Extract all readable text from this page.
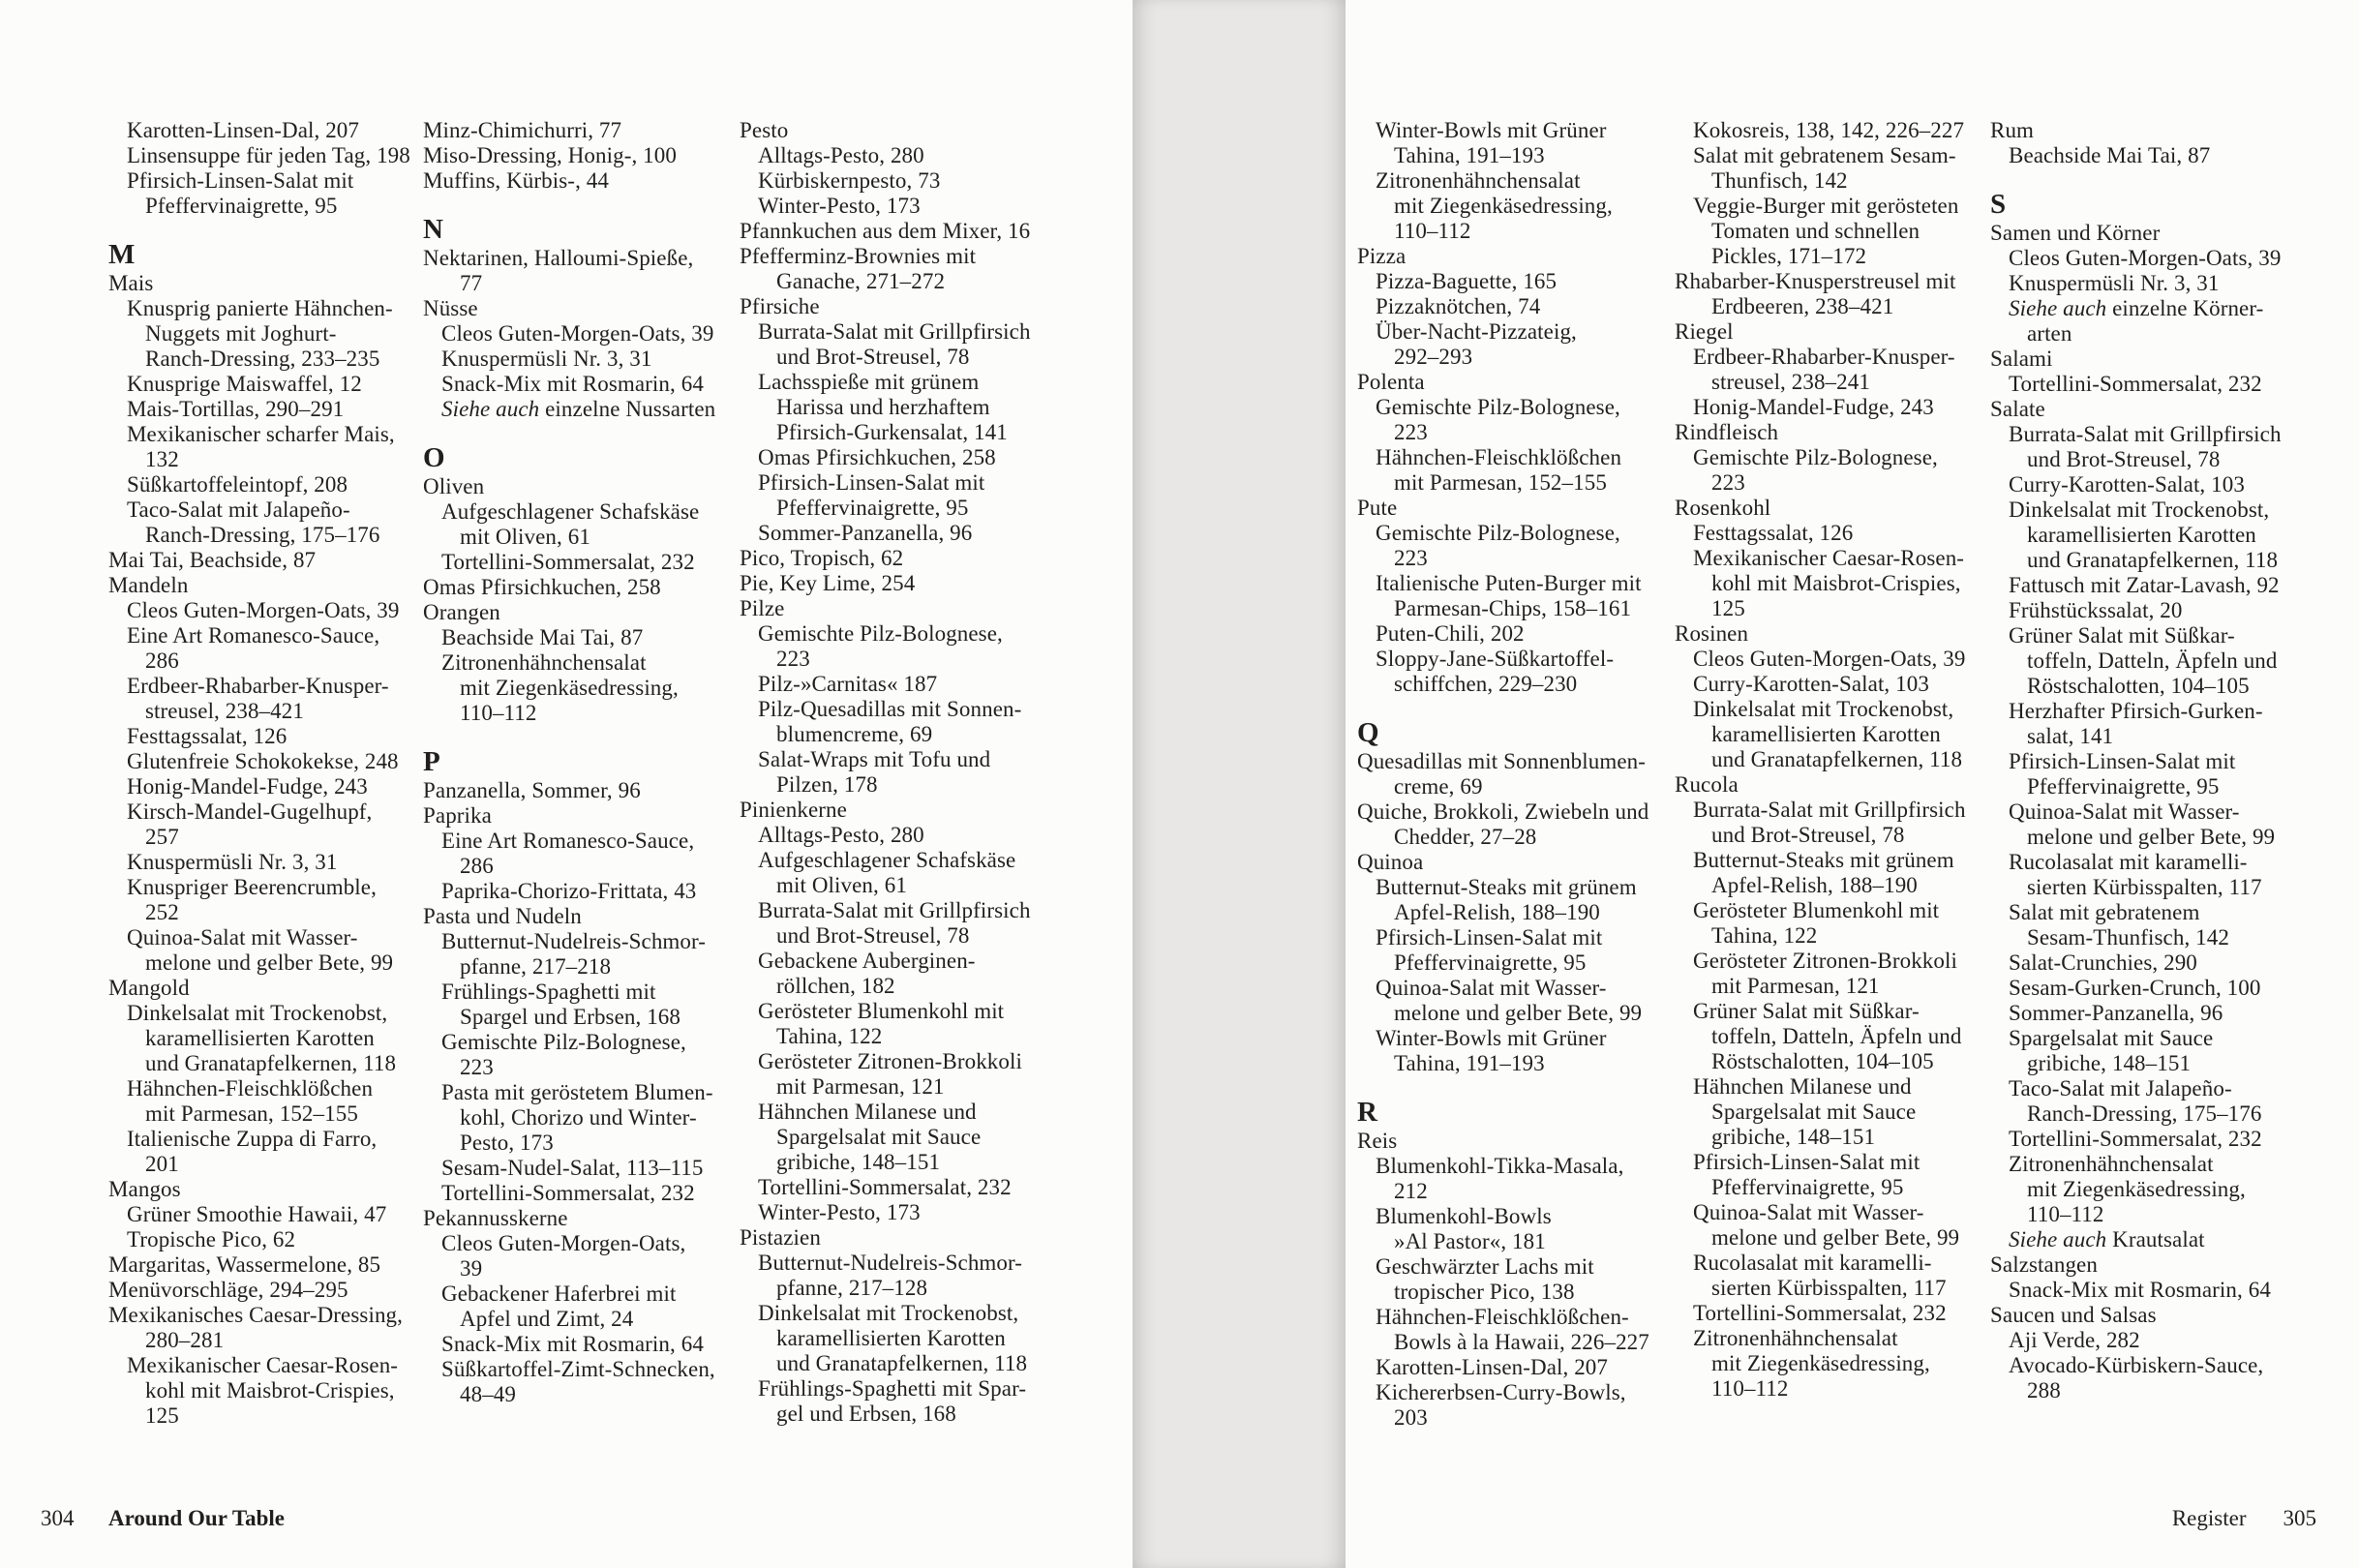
Karotten-Linsen-Dal, 207
Linsensuppe für jeden Tag, 198
Pfirsich-Linsen-Salat mit
Pfeffervinaigrette, 95
M
Mais
Knusprig panierte Hähnchen-
Nuggets mit Joghurt-
Ranch-Dressing, 233–235
Knusprige Maiswaffel, 12
Mais-Tortillas, 290–291
Mexikanischer scharfer Mais,
132
Süßkartoffeleintopf, 208
Taco-Salat mit Jalapeño-
Ranch-Dressing, 175–176
Mai Tai, Beachside, 87
Mandeln
Cleos Guten-Morgen-Oats, 39
Eine Art Romanesco-Sauce,
286
Erdbeer-Rhabarber-Knusper-
streusel, 238–421
Festtagssalat, 126
Glutenfreie Schokokekse, 248
Honig-Mandel-Fudge, 243
Kirsch-Mandel-Gugelhupf,
257
Knuspermüsli Nr. 3, 31
Knuspriger Beerencrumble,
252
Quinoa-Salat mit Wasser-
melone und gelber Bete, 99
Mangold
Dinkelsalat mit Trockenobst,
karamellisierten Karotten
und Granatapfelkernen, 118
Hähnchen-Fleischklößchen
mit Parmesan, 152–155
Italienische Zuppa di Farro,
201
Mangos
Grüner Smoothie Hawaii, 47
Tropische Pico, 62
Margaritas, Wassermelone, 85
Menüvorschläge, 294–295
Mexikanisches Caesar-Dressing,
280–281
Mexikanischer Caesar-Rosen-
kohl mit Maisbrot-Crispies,
125
Minz-Chimichurri, 77
Miso-Dressing, Honig-, 100
Muffins, Kürbis-, 44
N
Nektarinen, Halloumi-Spieße,
77
Nüsse
Cleos Guten-Morgen-Oats, 39
Knuspermüsli Nr. 3, 31
Snack-Mix mit Rosmarin, 64
Siehe auch einzelne Nussarten
O
Oliven
Aufgeschlagener Schafskäse
mit Oliven, 61
Tortellini-Sommersalat, 232
Omas Pfirsichkuchen, 258
Orangen
Beachside Mai Tai, 87
Zitronenhähnchensalat
mit Ziegenkäsedressing,
110–112
P
Panzanella, Sommer, 96
Paprika
Eine Art Romanesco-Sauce,
286
Paprika-Chorizo-Frittata, 43
Pasta und Nudeln
Butternut-Nudelreis-Schmor-
pfanne, 217–218
Frühlings-Spaghetti mit
Spargel und Erbsen, 168
Gemischte Pilz-Bolognese,
223
Pasta mit geröstetem Blumen-
kohl, Chorizo und Winter-
Pesto, 173
Sesam-Nudel-Salat, 113–115
Tortellini-Sommersalat, 232
Pekannusskerne
Cleos Guten-Morgen-Oats,
39
Gebackener Haferbrei mit
Apfel und Zimt, 24
Snack-Mix mit Rosmarin, 64
Süßkartoffel-Zimt-Schnecken,
48–49
Pesto
Alltags-Pesto, 280
Kürbiskernpesto, 73
Winter-Pesto, 173
Pfannkuchen aus dem Mixer, 16
Pfefferminz-Brownies mit
Ganache, 271–272
Pfirsiche
Burrata-Salat mit Grillpfirsich
und Brot-Streusel, 78
Lachsspieße mit grünem
Harissa und herzhaftem
Pfirsich-Gurkensalat, 141
Omas Pfirsichkuchen, 258
Pfirsich-Linsen-Salat mit
Pfeffervinaigrette, 95
Sommer-Panzanella, 96
Pico, Tropisch, 62
Pie, Key Lime, 254
Pilze
Gemischte Pilz-Bolognese,
223
Pilz-»Carnitas« 187
Pilz-Quesadillas mit Sonnen-
blumencreme, 69
Salat-Wraps mit Tofu und
Pilzen, 178
Pinienkerne
Alltags-Pesto, 280
Aufgeschlagener Schafskäse
mit Oliven, 61
Burrata-Salat mit Grillpfirsich
und Brot-Streusel, 78
Gebackene Auberginen-
röllchen, 182
Gerösteter Blumenkohl mit
Tahina, 122
Gerösteter Zitronen-Brokkoli
mit Parmesan, 121
Hähnchen Milanese und
Spargelsalat mit Sauce
gribiche, 148–151
Tortellini-Sommersalat, 232
Winter-Pesto, 173
Pistazien
Butternut-Nudelreis-Schmor-
pfanne, 217–128
Dinkelsalat mit Trockenobst,
karamellisierten Karotten
und Granatapfelkernen, 118
Frühlings-Spaghetti mit Spar-
gel und Erbsen, 168
Winter-Bowls mit Grüner
Tahina, 191–193
Zitronenhähnchensalat
mit Ziegenkäsedressing,
110–112
Pizza
Pizza-Baguette, 165
Pizzaknötchen, 74
Über-Nacht-Pizzateig,
292–293
Polenta
Gemischte Pilz-Bolognese,
223
Hähnchen-Fleischklößchen
mit Parmesan, 152–155
Pute
Gemischte Pilz-Bolognese,
223
Italienische Puten-Burger mit
Parmesan-Chips, 158–161
Puten-Chili, 202
Sloppy-Jane-Süßkartoffel-
schiffchen, 229–230
Q
Quesadillas mit Sonnenblumen-
creme, 69
Quiche, Brokkoli, Zwiebeln und
Chedder, 27–28
Quinoa
Butternut-Steaks mit grünem
Apfel-Relish, 188–190
Pfirsich-Linsen-Salat mit
Pfeffervinaigrette, 95
Quinoa-Salat mit Wasser-
melone und gelber Bete, 99
Winter-Bowls mit Grüner
Tahina, 191–193
R
Reis
Blumenkohl-Tikka-Masala,
212
Blumenkohl-Bowls
»Al Pastor«, 181
Geschwärzter Lachs mit
tropischer Pico, 138
Hähnchen-Fleischklößchen-
Bowls à la Hawaii, 226–227
Karotten-Linsen-Dal, 207
Kichererbsen-Curry-Bowls,
203
Kokosreis, 138, 142, 226–227
Salat mit gebratenem Sesam-
Thunfisch, 142
Veggie-Burger mit gerösteten
Tomaten und schnellen
Pickles, 171–172
Rhabarber-Knusperstreusel mit
Erdbeeren, 238–421
Riegel
Erdbeer-Rhabarber-Knusper-
streusel, 238–241
Honig-Mandel-Fudge, 243
Rindfleisch
Gemischte Pilz-Bolognese,
223
Rosenkohl
Festtagssalat, 126
Mexikanischer Caesar-Rosen-
kohl mit Maisbrot-Crispies,
125
Rosinen
Cleos Guten-Morgen-Oats, 39
Curry-Karotten-Salat, 103
Dinkelsalat mit Trockenobst,
karamellisierten Karotten
und Granatapfelkernen, 118
Rucola
Burrata-Salat mit Grillpfirsich
und Brot-Streusel, 78
Butternut-Steaks mit grünem
Apfel-Relish, 188–190
Gerösteter Blumenkohl mit
Tahina, 122
Gerösteter Zitronen-Brokkoli
mit Parmesan, 121
Grüner Salat mit Süßkar-
toffeln, Datteln, Äpfeln und
Röstschalotten, 104–105
Hähnchen Milanese und
Spargelsalat mit Sauce
gribiche, 148–151
Pfirsich-Linsen-Salat mit
Pfeffervinaigrette, 95
Quinoa-Salat mit Wasser-
melone und gelber Bete, 99
Rucolasalat mit karamelli-
sierten Kürbisspalten, 117
Tortellini-Sommersalat, 232
Zitronenhähnchensalat
mit Ziegenkäsedressing,
110–112
Rum
Beachside Mai Tai, 87
S
Samen und Körner
Cleos Guten-Morgen-Oats, 39
Knuspermüsli Nr. 3, 31
Siehe auch einzelne Körner-
arten
Salami
Tortellini-Sommersalat, 232
Salate
Burrata-Salat mit Grillpfirsich
und Brot-Streusel, 78
Curry-Karotten-Salat, 103
Dinkelsalat mit Trockenobst,
karamellisierten Karotten
und Granatapfelkernen, 118
Fattusch mit Zatar-Lavash, 92
Frühstückssalat, 20
Grüner Salat mit Süßkar-
toffeln, Datteln, Äpfeln und
Röstschalotten, 104–105
Herzhafter Pfirsich-Gurken-
salat, 141
Pfirsich-Linsen-Salat mit
Pfeffervinaigrette, 95
Quinoa-Salat mit Wasser-
melone und gelber Bete, 99
Rucolasalat mit karamelli-
sierten Kürbisspalten, 117
Salat mit gebratenem
Sesam-Thunfisch, 142
Salat-Crunchies, 290
Sesam-Gurken-Crunch, 100
Sommer-Panzanella, 96
Spargelsalat mit Sauce
gribiche, 148–151
Taco-Salat mit Jalapeño-
Ranch-Dressing, 175–176
Tortellini-Sommersalat, 232
Zitronenhähnchensalat
mit Ziegenkäsedressing,
110–112
Siehe auch Krautsalat
Salzstangen
Snack-Mix mit Rosmarin, 64
Saucen und Salsas
Aji Verde, 282
Avocado-Kürbiskern-Sauce,
288
304 Around Our Table	Register 305
